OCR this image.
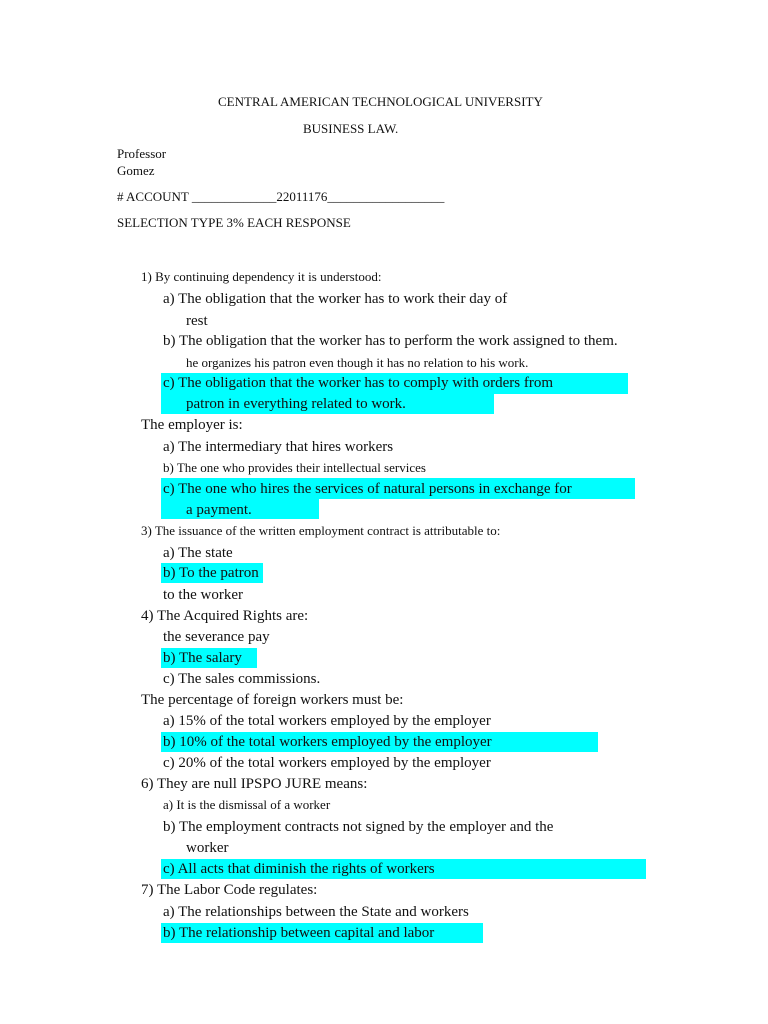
CENTRAL AMERICAN TECHNOLOGICAL UNIVERSITY
BUSINESS LAW.
Professor
Gomez
# ACCOUNT _____________22011176__________________
SELECTION TYPE 3% EACH RESPONSE
1) By continuing dependency it is understood:
a) The obligation that the worker has to work their day of
rest
b) The obligation that the worker has to perform the work assigned to them.
he organizes his patron even though it has no relation to his work.
c) The obligation that the worker has to comply with orders from
patron in everything related to work.
The employer is:
a) The intermediary that hires workers
b) The one who provides their intellectual services
c) The one who hires the services of natural persons in exchange for
a payment.
3) The issuance of the written employment contract is attributable to:
a) The state
b) To the patron
to the worker
4) The Acquired Rights are:
the severance pay
b) The salary
c) The sales commissions.
The percentage of foreign workers must be:
a) 15% of the total workers employed by the employer
b) 10% of the total workers employed by the employer
c) 20% of the total workers employed by the employer
6) They are null IPSPO JURE means:
a) It is the dismissal of a worker
b) The employment contracts not signed by the employer and the
worker
c) All acts that diminish the rights of workers
7) The Labor Code regulates:
a) The relationships between the State and workers
b) The relationship between capital and labor
